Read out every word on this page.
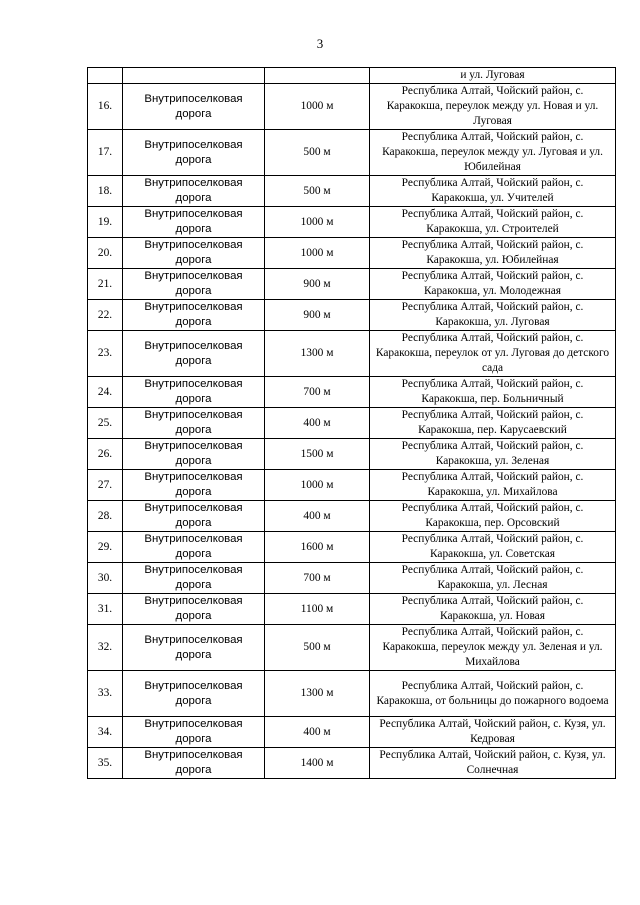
3
			и ул. Луговая
16.	Внутрипоселковая дорога	1000 м	Республика Алтай, Чойский район, с. Каракокша, переулок между ул. Новая и ул. Луговая
17.	Внутрипоселковая дорога	500 м	Республика Алтай, Чойский район, с. Каракокша, переулок между ул. Луговая и ул. Юбилейная
18.	Внутрипоселковая дорога	500 м	Республика Алтай, Чойский район, с. Каракокша, ул. Учителей
19.	Внутрипоселковая дорога	1000 м	Республика Алтай, Чойский район, с. Каракокша, ул. Строителей
20.	Внутрипоселковая дорога	1000 м	Республика Алтай, Чойский район, с. Каракокша, ул. Юбилейная
21.	Внутрипоселковая дорога	900 м	Республика Алтай, Чойский район, с. Каракокша, ул. Молодежная
22.	Внутрипоселковая дорога	900 м	Республика Алтай, Чойский район, с. Каракокша, ул. Луговая
23.	Внутрипоселковая дорога	1300 м	Республика Алтай, Чойский район, с. Каракокша, переулок от ул. Луговая до детского сада
24.	Внутрипоселковая дорога	700 м	Республика Алтай, Чойский район, с. Каракокша, пер. Больничный
25.	Внутрипоселковая дорога	400 м	Республика Алтай, Чойский район, с. Каракокша, пер. Карусаевский
26.	Внутрипоселковая дорога	1500 м	Республика Алтай, Чойский район, с. Каракокша, ул. Зеленая
27.	Внутрипоселковая дорога	1000 м	Республика Алтай, Чойский район, с. Каракокша, ул. Михайлова
28.	Внутрипоселковая дорога	400 м	Республика Алтай, Чойский район, с. Каракокша, пер. Орсовский
29.	Внутрипоселковая дорога	1600 м	Республика Алтай, Чойский район, с. Каракокша, ул. Советская
30.	Внутрипоселковая дорога	700 м	Республика Алтай, Чойский район, с. Каракокша, ул. Лесная
31.	Внутрипоселковая дорога	1100 м	Республика Алтай, Чойский район, с. Каракокша, ул. Новая
32.	Внутрипоселковая дорога	500 м	Республика Алтай, Чойский район, с. Каракокша, переулок между ул. Зеленая и ул. Михайлова
33.	Внутрипоселковая дорога	1300 м	Республика Алтай, Чойский район, с. Каракокша, от больницы до пожарного водоема
34.	Внутрипоселковая дорога	400 м	Республика Алтай, Чойский район, с. Кузя, ул. Кедровая
35.	Внутрипоселковая дорога	1400 м	Республика Алтай, Чойский район, с. Кузя, ул. Солнечная
